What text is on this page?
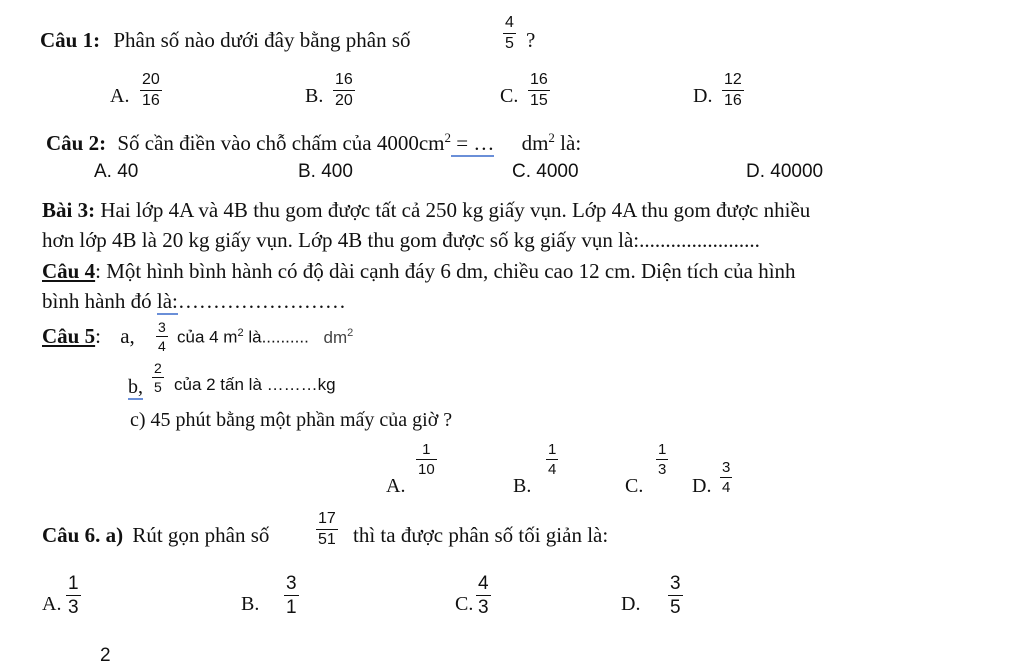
Câu 1: Phân số nào dưới đây bằng phân số
4
5 ?
A.
20
16	B.
16
20	C.
16
15	D.
12
16
Câu 2: Số cần điền vào chỗ chấm của $4000cm^2$ = … $dm^2$ là:
A. 40	B. 400	C. 4000	D. 40000
Bài 3: Hai lớp 4A và 4B thu gom được tất cả 250 kg giấy vụn. Lớp 4A thu gom được nhiều
hơn lớp 4B là 20 kg giấy vụn. Lớp 4B thu gom được số kg giấy vụn là:.......................
Câu 4: Một hình bình hành có độ dài cạnh đáy 6 dm, chiều cao 12 cm. Diện tích của hình
bình hành đó là:……………………
Câu 5: a, 3
4 của 4 $m^2$ là.......... $dm^2$
b,
2
5 của 2 tấn là ………kg
c) 45 phút bằng một phần mấy của giờ ?
A.
1
10
B.
1
4
C.
1
3
D.
3
4
Câu 6. a) Rút gọn phân số
17
51 thì ta được phân số tối giản là:
A.
1
3	B.
3
1	C.
4
3	D.
3
5
2
